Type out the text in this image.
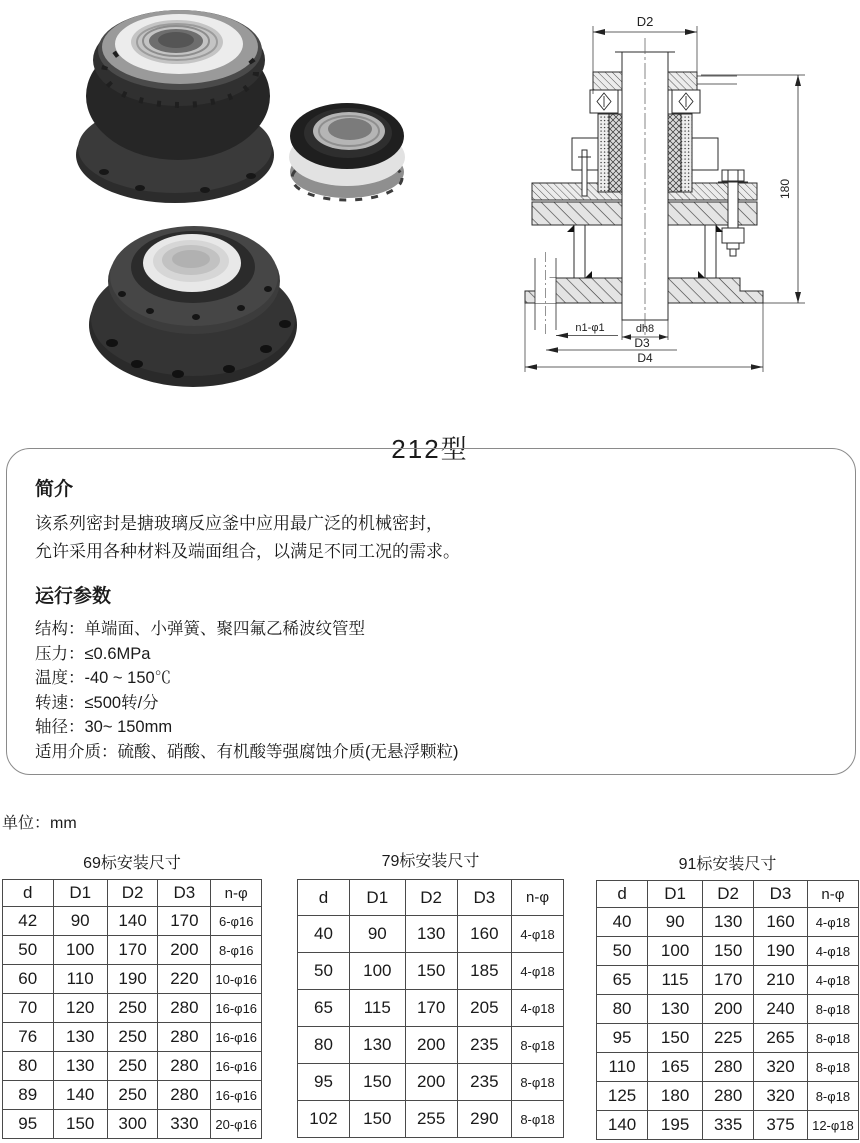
D2
180
n1-φ1	dh8
D3
D4
212型
简介
该系列密封是搪玻璃反应釜中应用最广泛的机械密封，
允许采用各种材料及端面组合，以满足不同工况的需求。
运行参数
结构：单端面、小弹簧、聚四氟乙稀波纹管型
压力：≤0.6MPa
温度：-40 ~ 150℃
转速：≤500转/分
轴径：30~ 150mm
适用介质：硫酸、硝酸、有机酸等强腐蚀介质(无悬浮颗粒)
单位：mm
69标安装尺寸
d	D1	D2	D3	n-φ
42	90	140	170	6-φ16
50	100	170	200	8-φ16
60	110	190	220	10-φ16
70	120	250	280	16-φ16
76	130	250	280	16-φ16
80	130	250	280	16-φ16
89	140	250	280	16-φ16
95	150	300	330	20-φ16
79标安装尺寸
d	D1	D2	D3	n-φ
40	90	130	160	4-φ18
50	100	150	185	4-φ18
65	115	170	205	4-φ18
80	130	200	235	8-φ18
95	150	200	235	8-φ18
102	150	255	290	8-φ18
91标安装尺寸
d	D1	D2	D3	n-φ
40	90	130	160	4-φ18
50	100	150	190	4-φ18
65	115	170	210	4-φ18
80	130	200	240	8-φ18
95	150	225	265	8-φ18
110	165	280	320	8-φ18
125	180	280	320	8-φ18
140	195	335	375	12-φ18
